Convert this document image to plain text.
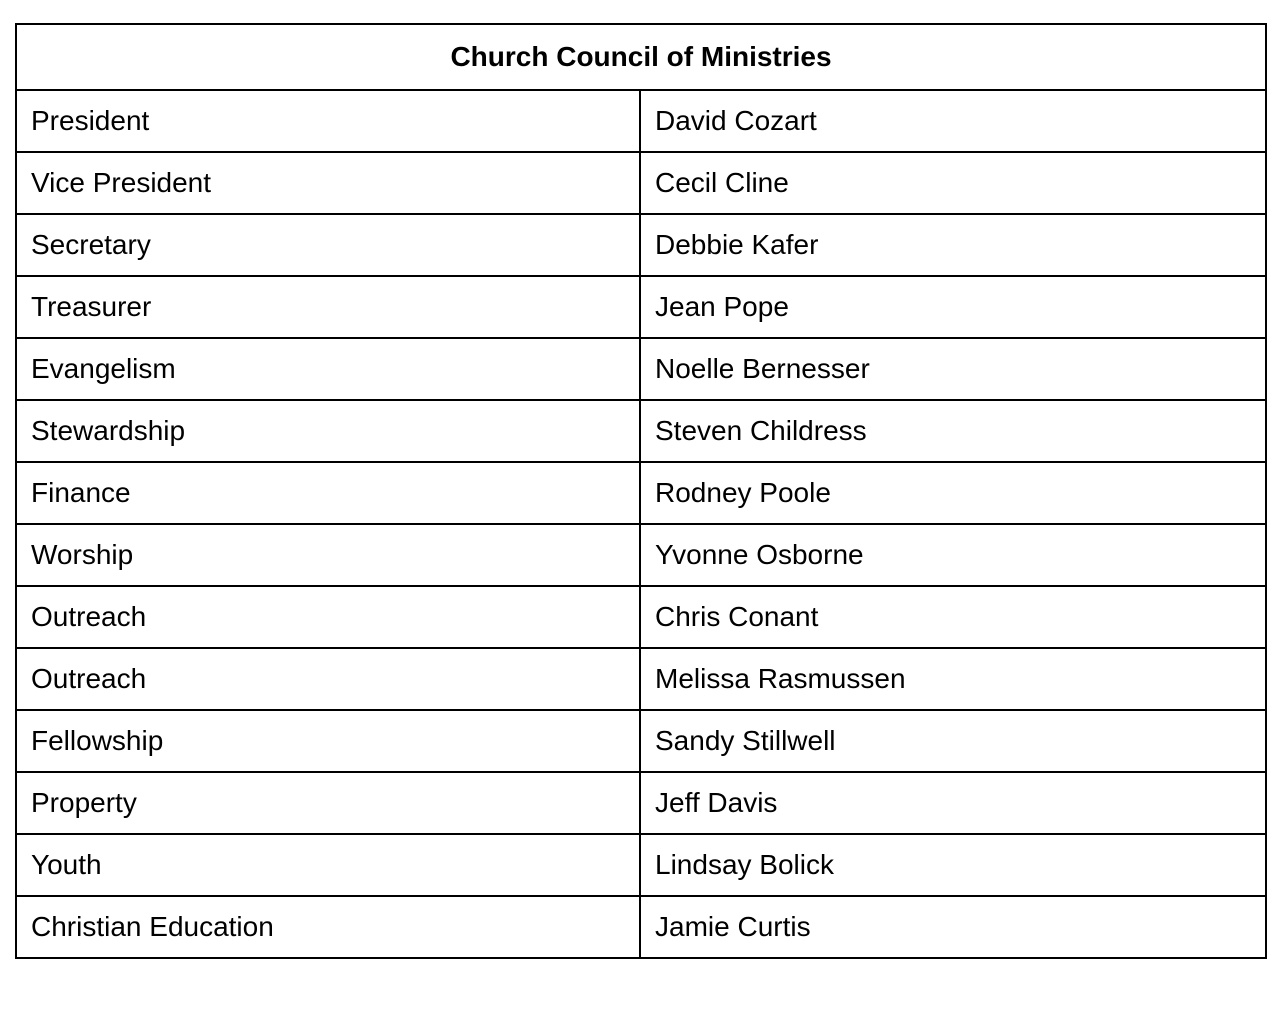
Church Council of Ministries	
President	David Cozart
Vice President	Cecil Cline
Secretary	Debbie Kafer
Treasurer	Jean Pope
Evangelism	Noelle Bernesser
Stewardship	Steven Childress
Finance	Rodney Poole
Worship	Yvonne Osborne
Outreach	Chris Conant
Outreach	Melissa Rasmussen
Fellowship	Sandy Stillwell
Property	Jeff Davis
Youth	Lindsay Bolick
Christian Education	Jamie Curtis
